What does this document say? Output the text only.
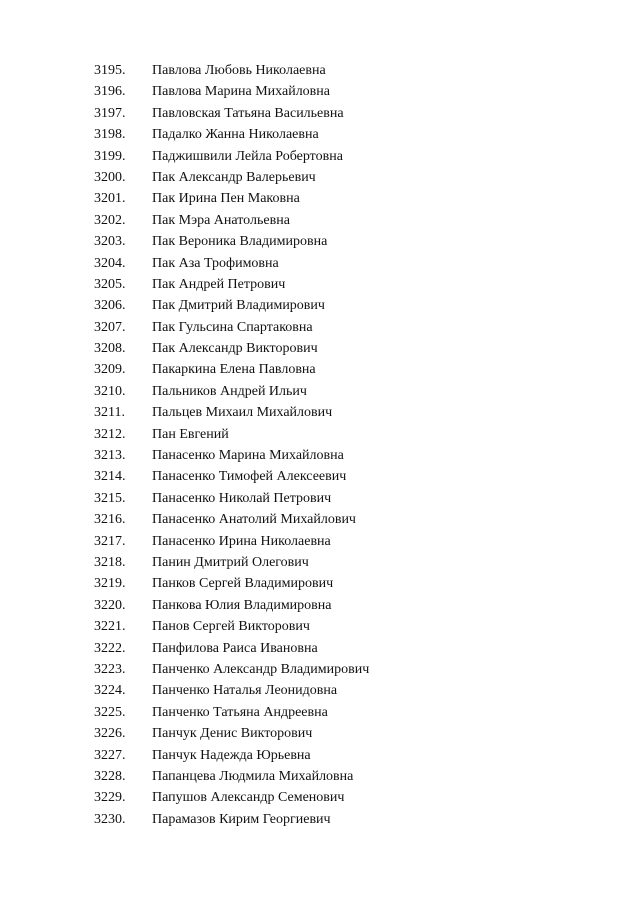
3195.	Павлова Любовь Николаевна
3196.	Павлова Марина Михайловна
3197.	Павловская Татьяна Васильевна
3198.	Падалко Жанна Николаевна
3199.	Паджишвили Лейла Робертовна
3200.	Пак Александр Валерьевич
3201.	Пак Ирина Пен Маковна
3202.	Пак Мэра Анатольевна
3203.	Пак Вероника Владимировна
3204.	Пак Аза Трофимовна
3205.	Пак Андрей Петрович
3206.	Пак Дмитрий Владимирович
3207.	Пак Гульсина Спартаковна
3208.	Пак Александр Викторович
3209.	Пакаркина Елена Павловна
3210.	Пальников Андрей Ильич
3211.	Пальцев Михаил Михайлович
3212.	Пан Евгений
3213.	Панасенко Марина Михайловна
3214.	Панасенко Тимофей Алексеевич
3215.	Панасенко Николай Петрович
3216.	Панасенко Анатолий Михайлович
3217.	Панасенко Ирина Николаевна
3218.	Панин Дмитрий Олегович
3219.	Панков Сергей Владимирович
3220.	Панкова Юлия Владимировна
3221.	Панов Сергей Викторович
3222.	Панфилова Раиса Ивановна
3223.	Панченко Александр Владимирович
3224.	Панченко Наталья Леонидовна
3225.	Панченко Татьяна Андреевна
3226.	Панчук Денис Викторович
3227.	Панчук Надежда Юрьевна
3228.	Папанцева Людмила Михайловна
3229.	Папушов Александр Семенович
3230.	Парамазов Кирим Георгиевич
